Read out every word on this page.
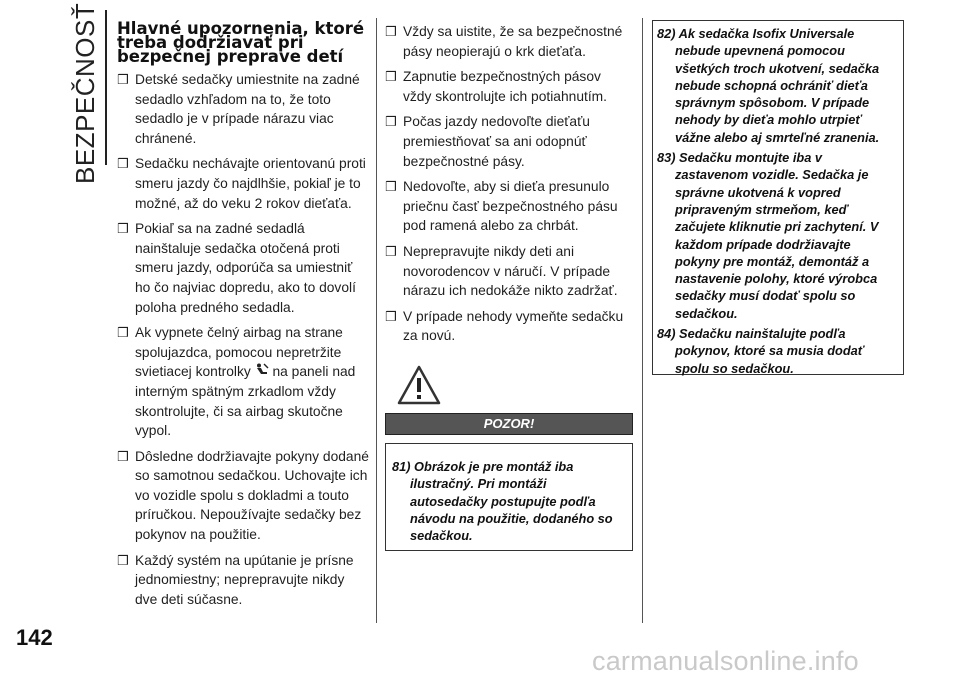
BEZPEČNOSŤ Hlavné upozornenia, ktoré treba dodržiavať pri bezpečnej preprave detí
❒ Detské sedačky umiestnite na zadné sedadlo vzhľadom na to, že toto sedadlo je v prípade nárazu viac chránené.
❒ Sedačku nechávajte orientovanú proti smeru jazdy čo najdlhšie, pokiaľ je to možné, až do veku 2 rokov dieťaťa.
❒ Pokiaľ sa na zadné sedadlá nainštaluje sedačka otočená proti smeru jazdy, odporúča sa umiestniť ho čo najviac dopredu, ako to dovolí poloha predného sedadla.
❒ Ak vypnete čelný airbag na strane spolujazdca, pomocou nepretržite svietiacej kontrolky na paneli nad interným spätným zrkadlom vždy skontrolujte, či sa airbag skutočne vypol.
❒ Dôsledne dodržiavajte pokyny dodané so samotnou sedačkou. Uchovajte ich vo vozidle spolu s dokladmi a touto príručkou. Nepoužívajte sedačky bez pokynov na použitie.
❒ Každý systém na upútanie je prísne jednomiestny; neprepravujte nikdy dve deti súčasne.
❒ Vždy sa uistite, že sa bezpečnostné pásy neopierajú o krk dieťaťa.
❒ Zapnutie bezpečnostných pásov vždy skontrolujte ich potiahnutím.
❒ Počas jazdy nedovoľte dieťaťu premiestňovať sa ani odopnúť bezpečnostné pásy.
❒ Nedovoľte, aby si dieťa presunulo priečnu časť bezpečnostného pásu pod ramená alebo za chrbát.
❒ Neprepravujte nikdy deti ani novorodencov v náručí. V prípade nárazu ich nedokáže nikto zadržať.
❒ V prípade nehody vymeňte sedačku za novú.
POZOR!
81) Obrázok je pre montáž iba ilustračný. Pri montáži autosedačky postupujte podľa návodu na použitie, dodaného so sedačkou.
82) Ak sedačka Isofix Universale nebude upevnená pomocou všetkých troch ukotvení, sedačka nebude schopná ochrániť dieťa správnym spôsobom. V prípade nehody by dieťa mohlo utrpieť vážne alebo aj smrteľné zranenia.
83) Sedačku montujte iba v zastavenom vozidle. Sedačka je správne ukotvená k vopred pripraveným strmeňom, keď začujete kliknutie pri zachytení. V každom prípade dodržiavajte pokyny pre montáž, demontáž a nastavenie polohy, ktoré výrobca sedačky musí dodať spolu so sedačkou.
84) Sedačku nainštalujte podľa pokynov, ktoré sa musia dodať spolu so sedačkou.
142
carmanualsonline.info
